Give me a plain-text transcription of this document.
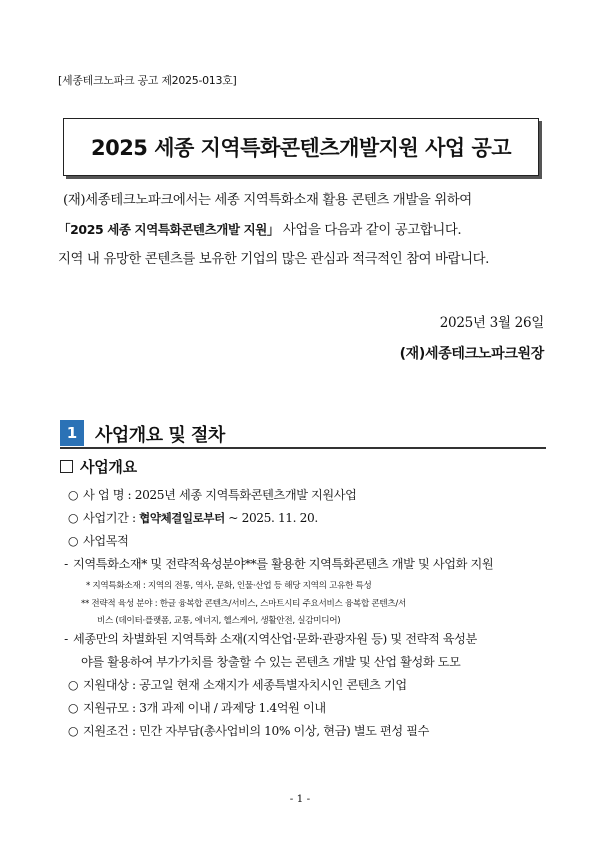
[세종테크노파크 공고 제2025-013호]
2025 세종 지역특화콘텐츠개발지원 사업 공고

(재)세종테크노파크에서는 세종 지역특화소재 활용 콘텐츠 개발을 위하여

「2025 세종 지역특화콘텐츠개발 지원」 사업을 다음과 같이 공고합니다.

지역 내 유망한 콘텐츠를 보유한 기업의 많은 관심과 적극적인 참여 바랍니다.

2025년 3월 26일
(재)세종테크노파크원장
1 사업개요 및 절차
사업개요
○ 사 업 명 : 2025년 세종 지역특화콘텐츠개발 지원사업
○ 사업기간 : 협약체결일로부터 ~ 2025. 11. 20.
○ 사업목적
- 지역특화소재* 및 전략적육성분야**를 활용한 지역특화콘텐츠 개발 및 사업화 지원
* 지역특화소재 : 지역의 전통, 역사, 문화, 인물·산업 등 해당 지역의 고유한 특성
** 전략적 육성 분야 : 한글 융복합 콘텐츠/서비스, 스마트시티 주요서비스 융복합 콘텐츠/서
비스 (데이터·플랫폼, 교통, 에너지, 헬스케어, 생활안전, 실감미디어)
- 세종만의 차별화된 지역특화 소재(지역산업·문화·관광자원 등) 및 전략적 육성분
야를 활용하여 부가가치를 창출할 수 있는 콘텐츠 개발 및 산업 활성화 도모
○ 지원대상 : 공고일 현재 소재지가 세종특별자치시인 콘텐츠 기업
○ 지원규모 : 3개 과제 이내 / 과제당 1.4억원 이내
○ 지원조건 : 민간 자부담(총사업비의 10% 이상, 현금) 별도 편성 필수
- 1 -
